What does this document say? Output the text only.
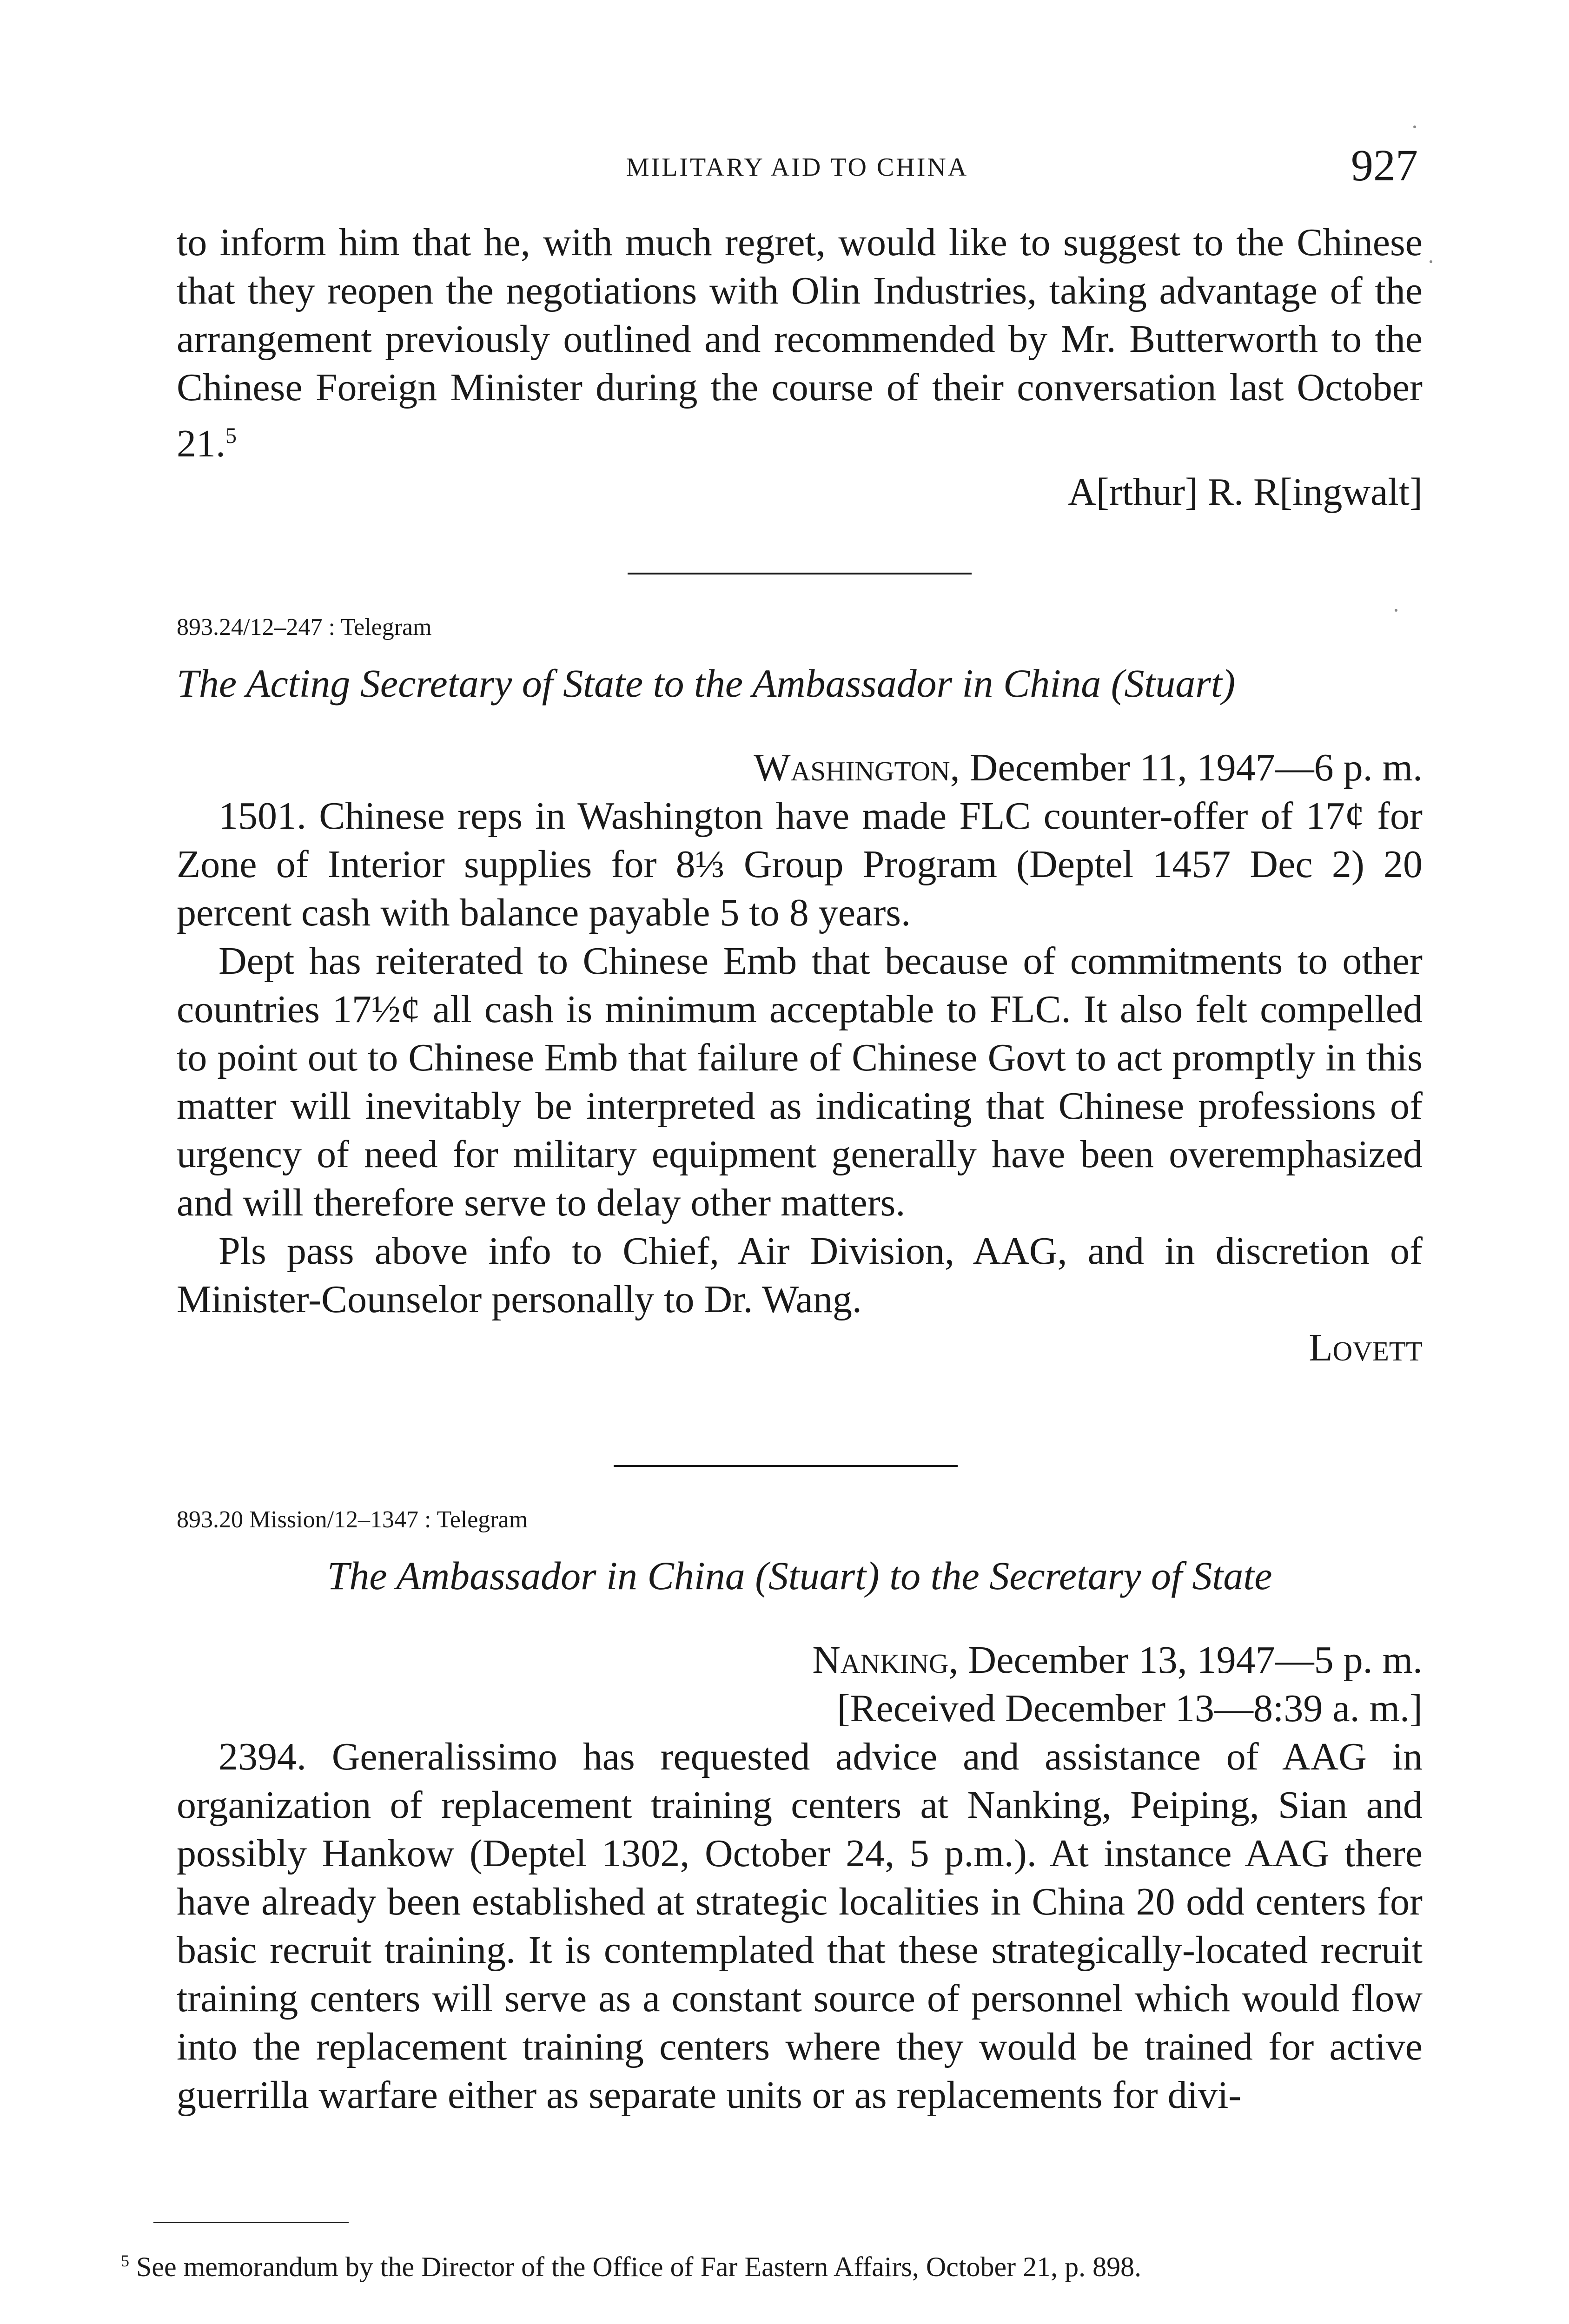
MILITARY AID TO CHINA	927

to inform him that he, with much regret, would like to suggest to the Chinese that they reopen the negotiations with Olin Industries, taking advantage of the arrangement previously outlined and recommended by Mr. Butterworth to the Chinese Foreign Minister during the course of their conversation last October 21.$^5$

A[rthur] R. R[ingwalt]

893.24/12–247 : Telegram
The Acting Secretary of State to the Ambassador in China (Stuart)

Washington, December 11, 1947—6 p. m.

1501. Chinese reps in Washington have made FLC counter-offer of 17¢ for Zone of Interior supplies for 8⅓ Group Program (Deptel 1457 Dec 2) 20 percent cash with balance payable 5 to 8 years.

Dept has reiterated to Chinese Emb that because of commitments to other countries 17½¢ all cash is minimum acceptable to FLC. It also felt compelled to point out to Chinese Emb that failure of Chinese Govt to act promptly in this matter will inevitably be interpreted as indicating that Chinese professions of urgency of need for military equipment generally have been overemphasized and will therefore serve to delay other matters.

Pls pass above info to Chief, Air Division, AAG, and in discretion of Minister-Counselor personally to Dr. Wang.

Lovett

893.20 Mission/12–1347 : Telegram
The Ambassador in China (Stuart) to the Secretary of State

Nanking, December 13, 1947—5 p. m.

[Received December 13—8:39 a. m.]

2394. Generalissimo has requested advice and assistance of AAG in organization of replacement training centers at Nanking, Peiping, Sian and possibly Hankow (Deptel 1302, October 24, 5 p.m.). At instance AAG there have already been established at strategic localities in China 20 odd centers for basic recruit training. It is contemplated that these strategically-located recruit training centers will serve as a constant source of personnel which would flow into the replacement training centers where they would be trained for active guerrilla warfare either as separate units or as replacements for divi-

$^5$ See memorandum by the Director of the Office of Far Eastern Affairs, October 21, p. 898.
